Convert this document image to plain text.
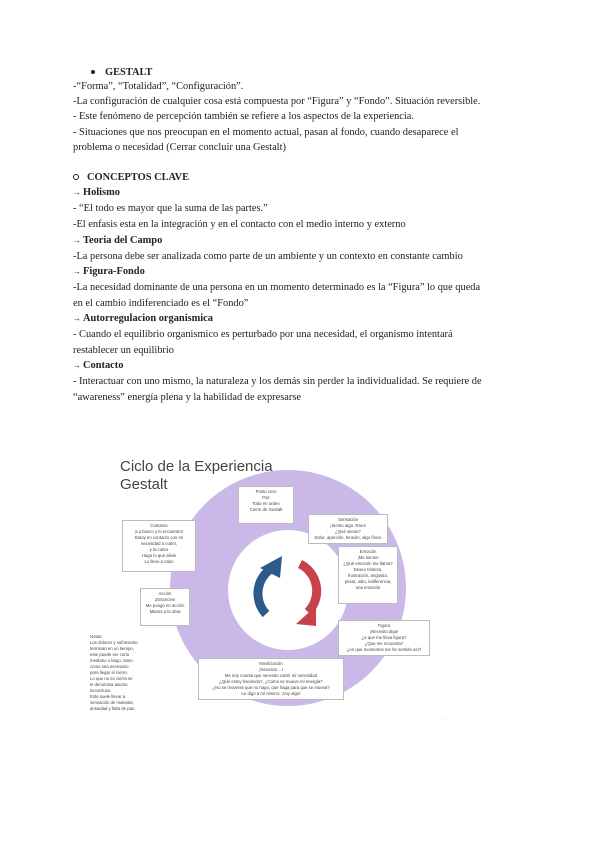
GESTALT
-“Forma”, “Totalidad”, “Configuración”.
-La configuración de cualquier cosa está compuesta por “Figura” y “Fondo”. Situación reversible.
- Este fenómeno de percepción también se refiere a los aspectos de la experiencia.
- Situaciones que nos preocupan en el momento actual, pasan al fondo, cuando desaparece el
problema o necesidad (Cerrar concluir una Gestalt)
CONCEPTOS CLAVE
→ Holismo
- “El todo es mayor que la suma de las partes.”
-El enfasis esta en la integración y en el contacto con el medio interno y externo
→ Teoria del Campo
-La persona debe ser analizada como parte de un ambiente y un contexto en constante cambio
→ Figura-Fondo
-La necesidad dominante de una persona en un momento determinado es la “Figura” lo que queda
en el cambio indiferenciado es el “Fondo”
→ Autorregulacion organismica
- Cuando el equilibrio organismico es perturbado por una necesidad, el organismo intentará
restablecer un equilibrio
→ Contacto
- Interactuar con uno mismo, la naturaleza y los demás sin perder la individualidad. Se requiere de
“awareness” energía plena y la habilidad de expresarse
Ciclo de la Experiencia
Gestalt	Punto cero
Paz
Todo en orden
Cierre de Gestalt
Sensación
¡Siento algo. Raro!
¿Qué siento?
Dolor, aperción, tensión, algo físico
Emoción
¡Me siento!
¿Qué emoción me llama?
Deseo tristeza,
frustración, angustia,
pesar, odio, indiferencia,
una emoción
Figura
¡Necesito algo!
¿a que me lleva figura?
¿Que me recuerda?
¿en que momentos me he sentido así?
Movilización
¡Necesito ...!
Me doy cuenta que necesito cubrir mi necesidad
¿Qué estoy haciendo?, ¿Cómo se mueve mi energía?
¿No se moverse que no hago, que haga para que se mueva?
Le digo a mí mismo: ¡Voy algo!
Acción
¡Entonces!
Me pongo en acción
Manos a la obra
Contacto
¡Lo busco y lo encuentro!
Estoy en contacto con mi
necesidad a cubrir,
y la cubro
Hago lo que alivio
Lo llevo a cabo
Notas:
Los dolores y sufrimiento
terminan en un tiempo,
este puede ser corto
mediano o largo, tanto
como sea necesario
para llegar el cierre.
Lo que no se cierra se
le denomina asunto
inconcluso.
Este suele llevar a
sensación de malestar,
ansiedad y falta de paz.
.
